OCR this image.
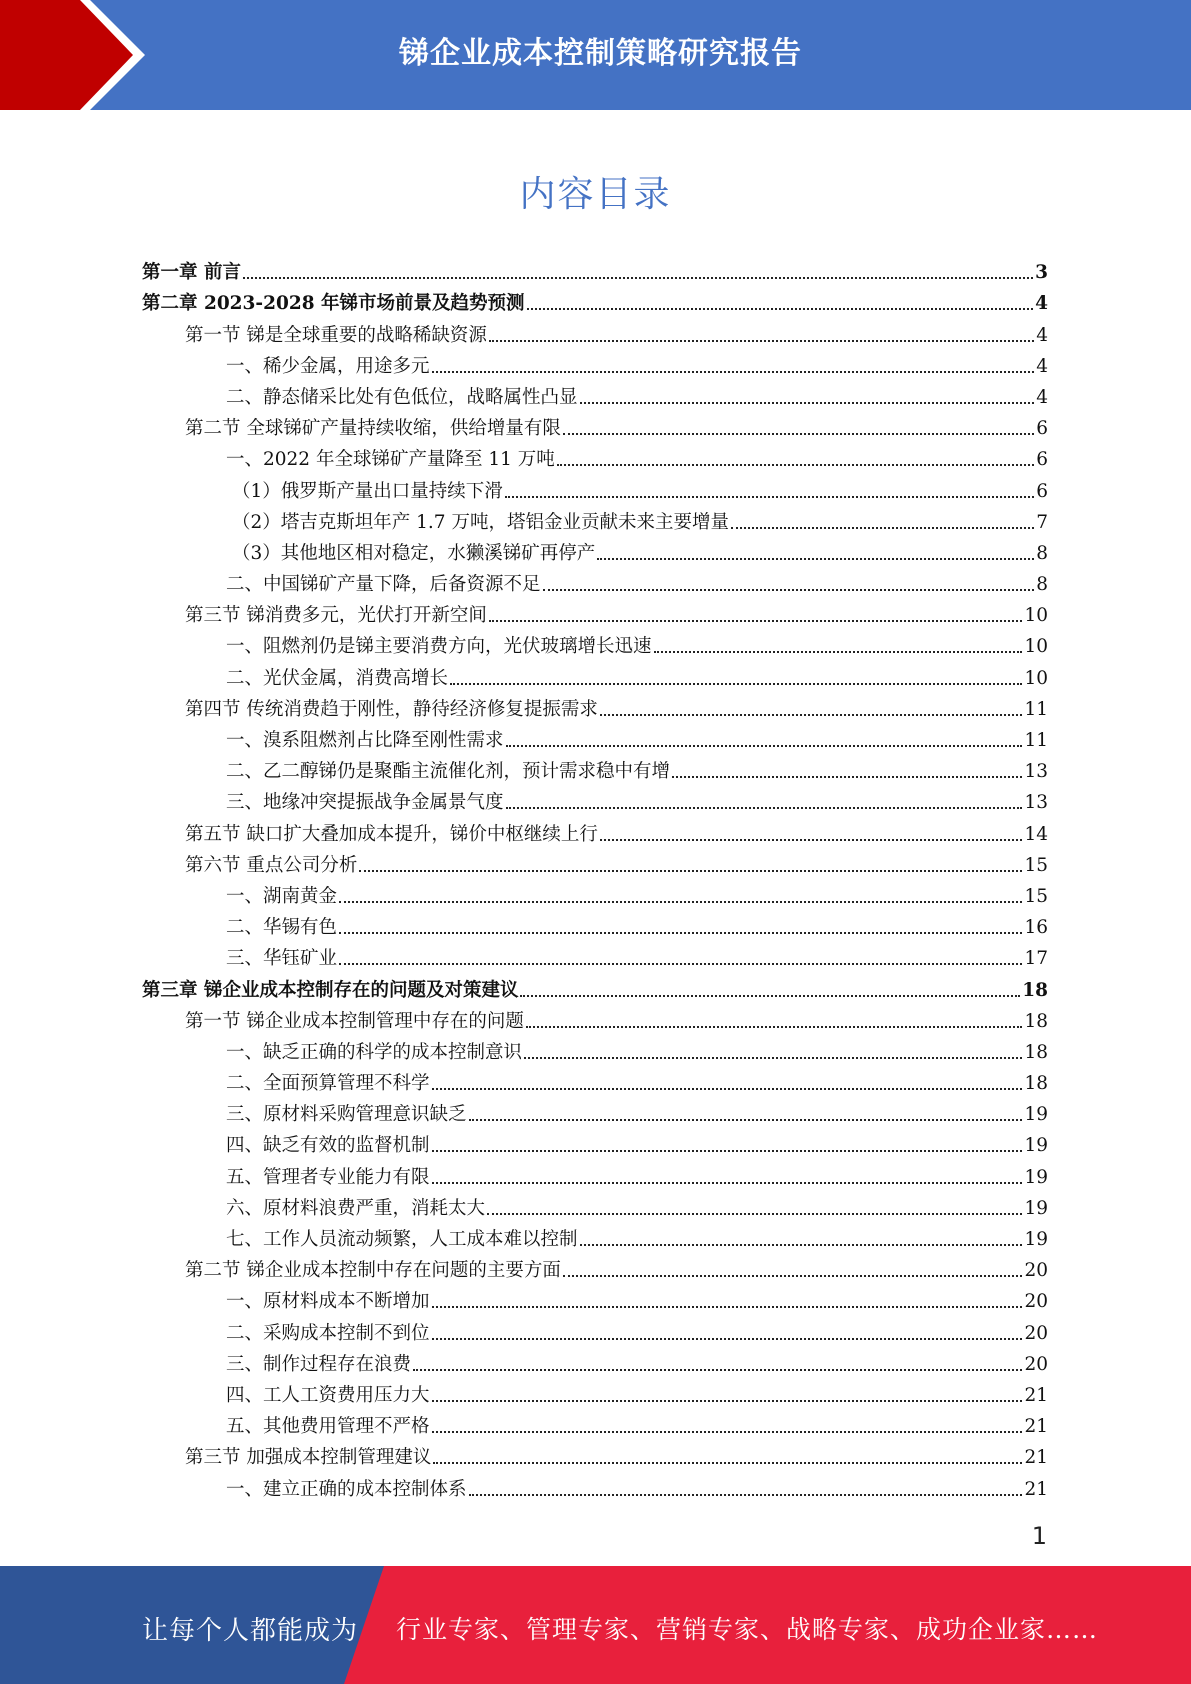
锑企业成本控制策略研究报告
内容目录
第一章 前言	3
第二章 2023-2028 年锑市场前景及趋势预测	4
第一节 锑是全球重要的战略稀缺资源	4
一、稀少金属，用途多元	4
二、静态储采比处有色低位，战略属性凸显	4
第二节 全球锑矿产量持续收缩，供给增量有限	6
一、2022 年全球锑矿产量降至 11 万吨	6
（1）俄罗斯产量出口量持续下滑	6
（2）塔吉克斯坦年产 1.7 万吨，塔铝金业贡献未来主要增量	7
（3）其他地区相对稳定，水獭溪锑矿再停产	8
二、中国锑矿产量下降，后备资源不足	8
第三节 锑消费多元，光伏打开新空间	10
一、阻燃剂仍是锑主要消费方向，光伏玻璃增长迅速	10
二、光伏金属，消费高增长	10
第四节 传统消费趋于刚性，静待经济修复提振需求	11
一、溴系阻燃剂占比降至刚性需求	11
二、乙二醇锑仍是聚酯主流催化剂，预计需求稳中有增	13
三、地缘冲突提振战争金属景气度	13
第五节 缺口扩大叠加成本提升，锑价中枢继续上行	14
第六节 重点公司分析	15
一、湖南黄金	15
二、华锡有色	16
三、华钰矿业	17
第三章 锑企业成本控制存在的问题及对策建议	18
第一节 锑企业成本控制管理中存在的问题	18
一、缺乏正确的科学的成本控制意识	18
二、全面预算管理不科学	18
三、原材料采购管理意识缺乏	19
四、缺乏有效的监督机制	19
五、管理者专业能力有限	19
六、原材料浪费严重，消耗太大	19
七、工作人员流动频繁，人工成本难以控制	19
第二节 锑企业成本控制中存在问题的主要方面	20
一、原材料成本不断增加	20
二、采购成本控制不到位	20
三、制作过程存在浪费	20
四、工人工资费用压力大	21
五、其他费用管理不严格	21
第三节 加强成本控制管理建议	21
一、建立正确的成本控制体系	21
1
让每个人都能成为 行业专家、管理专家、营销专家、战略专家、成功企业家……
